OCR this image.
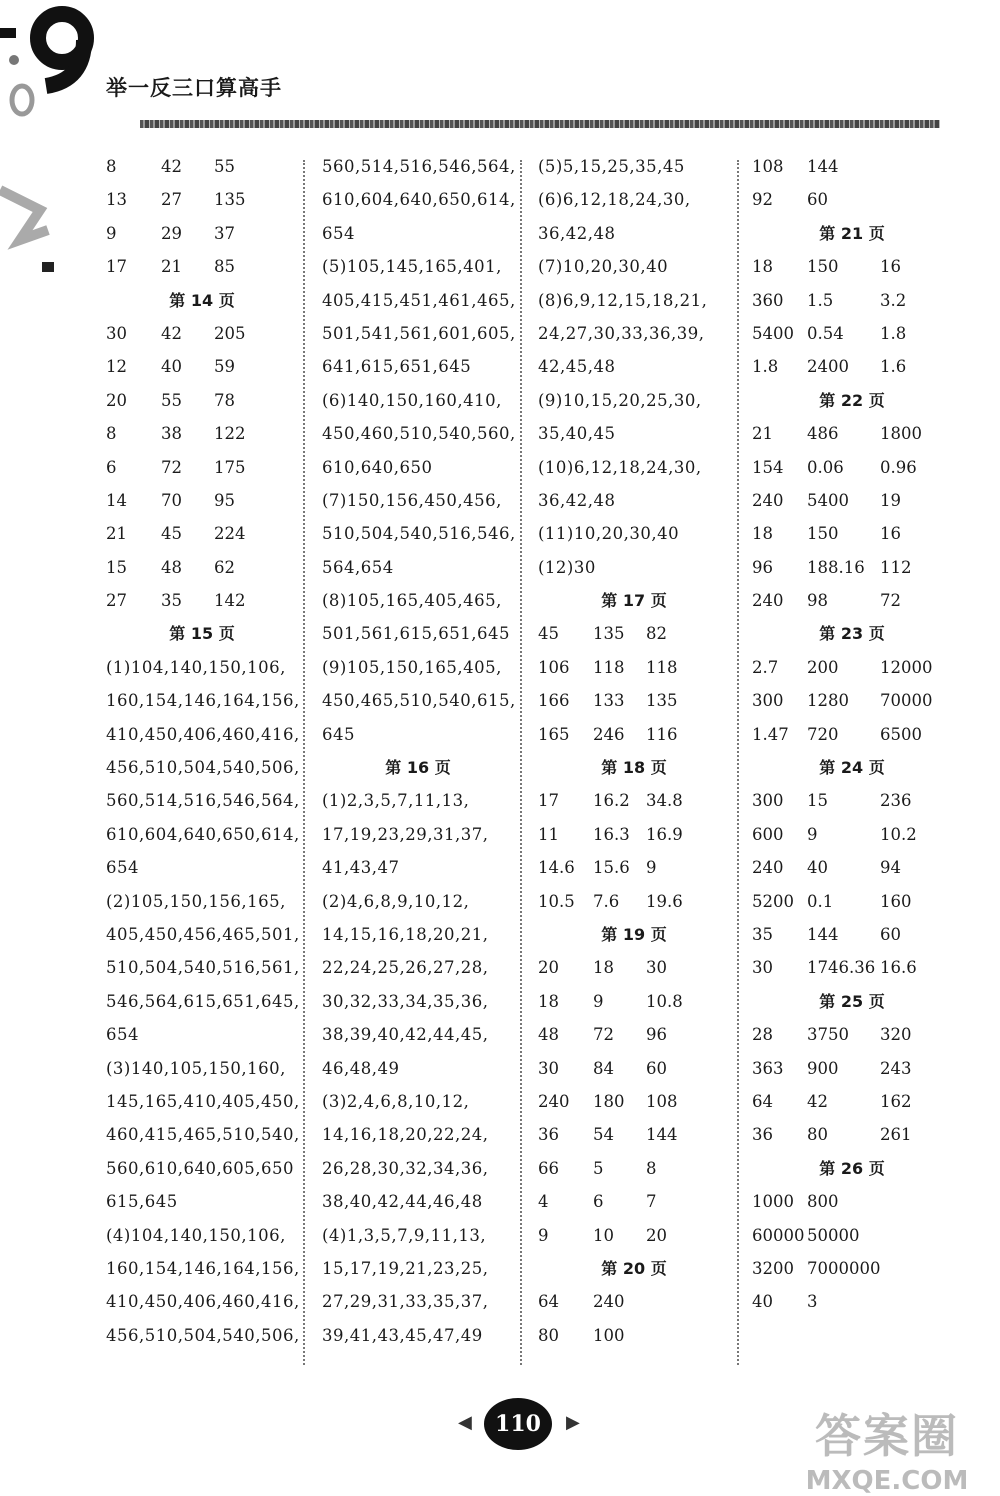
举一反三口算高手
8	42 55
13 27 135
9	29 37
17 21 85
第 14 页
30 42 205
12 40 59
20 55 78
8	38 122
6	72 175
14 70 95
21 45 224
15 48 62
27 35 142
第 15 页
(1)104,140,150,106,
160,154,146,164,156,
410,450,406,460,416,
456,510,504,540,506,
560,514,516,546,564,
610,604,640,650,614,
654
(2)105,150,156,165,
405,450,456,465,501,
510,504,540,516,561,
546,564,615,651,645,
654
(3)140,105,150,160,
145,165,410,405,450,
460,415,465,510,540,
560,610,640,605,650
615,645
(4)104,140,150,106,
160,154,146,164,156,
410,450,406,460,416,
456,510,504,540,506,
560,514,516,546,564,
610,604,640,650,614,
654
(5)105,145,165,401,
405,415,451,461,465,
501,541,561,601,605,
641,615,651,645
(6)140,150,160,410,
450,460,510,540,560,
610,640,650
(7)150,156,450,456,
510,504,540,516,546,
564,654
(8)105,165,405,465,
501,561,615,651,645
(9)105,150,165,405,
450,465,510,540,615,
645
第 16 页
(1)2,3,5,7,11,13,
17,19,23,29,31,37,
41,43,47
(2)4,6,8,9,10,12,
14,15,16,18,20,21,
22,24,25,26,27,28,
30,32,33,34,35,36,
38,39,40,42,44,45,
46,48,49
(3)2,4,6,8,10,12,
14,16,18,20,22,24,
26,28,30,32,34,36,
38,40,42,44,46,48
(4)1,3,5,7,9,11,13,
15,17,19,21,23,25,
27,29,31,33,35,37,
39,41,43,45,47,49
(5)5,15,25,35,45
(6)6,12,18,24,30,
36,42,48
(7)10,20,30,40
(8)6,9,12,15,18,21,
24,27,30,33,36,39,
42,45,48
(9)10,15,20,25,30,
35,40,45
(10)6,12,18,24,30,
36,42,48
(11)10,20,30,40
(12)30
第 17 页
45 135 82
106 118 118
166 133 135
165 246 116
第 18 页
17 16.2 34.8
11 16.3 16.9
14.6 15.6 9
10.5 7.6 19.6
第 19 页
20 18 30
18 9	10.8
48 72 96
30 84 60
240 180 108
36 54 144
66 5	8
4	6	7
9	10 20
第 20 页
64 240
80 100
108 144
92 60
第 21 页
18 150	16
360 1.5	3.2
5400 0.54 1.8
1.8 2400 1.6
第 22 页
21 486	1800
154 0.06 0.96
240 5400 19
18 150	16
96 188.16 112
240 98	72
第 23 页
2.7 200	12000
300 1280 70000
1.47 720	6500
第 24 页
300 15	236
600 9	10.2
240 40	94
5200 0.1	160
35 144	60
30 1746.36 16.6
第 25 页
28 3750 320
363 900	243
64 42	162
36 80	261
第 26 页
1000 800
60000 50000
3200 7000000
40 3
◀	110	▶	答案圈
MXQE.COM
